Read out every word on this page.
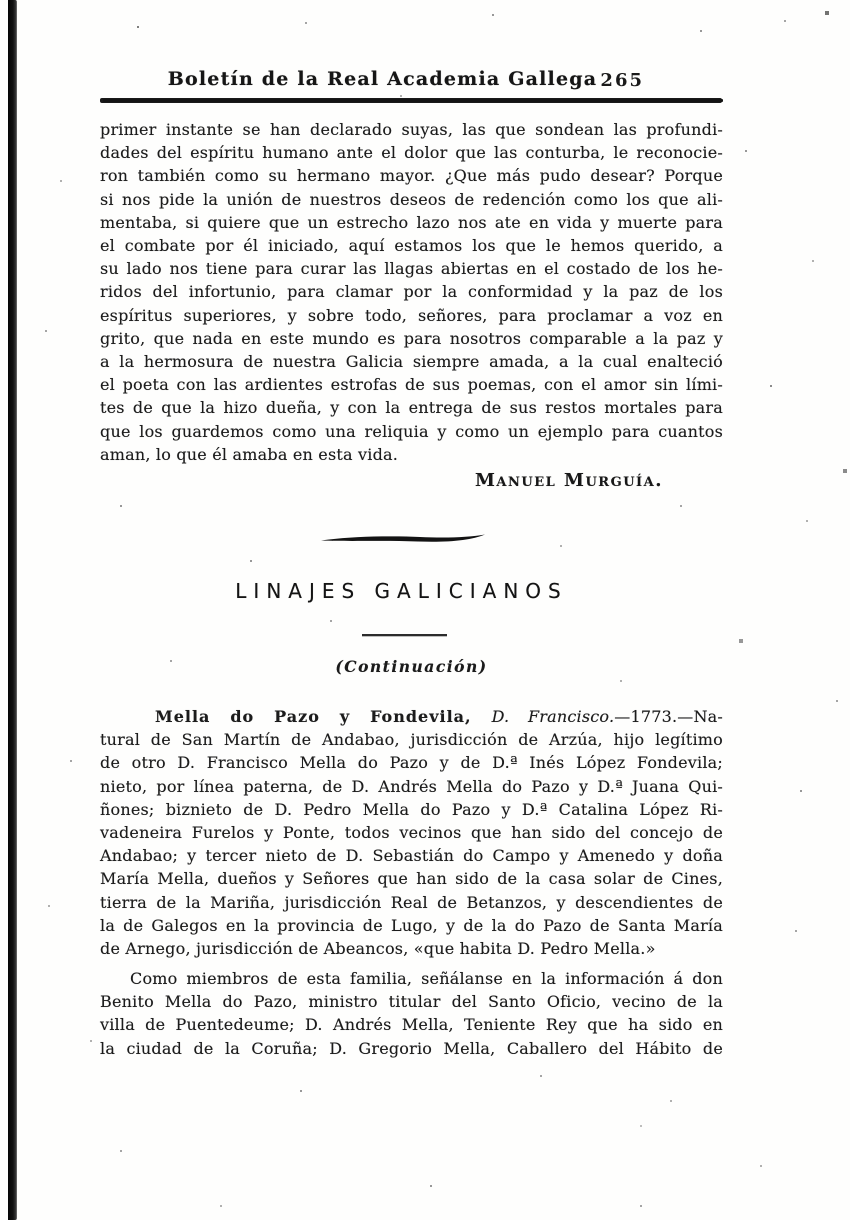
Boletín de la Real Academia Gallega 265
primer instante se han declarado suyas, las que sondean las profundi-
dades del espíritu humano ante el dolor que las conturba, le reconocie-
ron también como su hermano mayor. ¿Que más pudo desear? Porque
si nos pide la unión de nuestros deseos de redención como los que ali-
mentaba, si quiere que un estrecho lazo nos ate en vida y muerte para
el combate por él iniciado, aquí estamos los que le hemos querido, a
su lado nos tiene para curar las llagas abiertas en el costado de los he-
ridos del infortunio, para clamar por la conformidad y la paz de los
espíritus superiores, y sobre todo, señores, para proclamar a voz en
grito, que nada en este mundo es para nosotros comparable a la paz y
a la hermosura de nuestra Galicia siempre amada, a la cual enalteció
el poeta con las ardientes estrofas de sus poemas, con el amor sin lími-
tes de que la hizo dueña, y con la entrega de sus restos mortales para
que los guardemos como una reliquia y como un ejemplo para cuantos
aman, lo que él amaba en esta vida.
Manuel Murguía.
LINAJES GALICIANOS
(Continuación)
Mella do Pazo y Fondevila, D. Francisco.—1773.—Na-
tural de San Martín de Andabao, jurisdicción de Arzúa, hijo legítimo
de otro D. Francisco Mella do Pazo y de D.ª Inés López Fondevila;
nieto, por línea paterna, de D. Andrés Mella do Pazo y D.ª Juana Qui-
ñones; biznieto de D. Pedro Mella do Pazo y D.ª Catalina López Ri-
vadeneira Furelos y Ponte, todos vecinos que han sido del concejo de
Andabao; y tercer nieto de D. Sebastián do Campo y Amenedo y doña
María Mella, dueños y Señores que han sido de la casa solar de Cines,
tierra de la Mariña, jurisdicción Real de Betanzos, y descendientes de
la de Galegos en la provincia de Lugo, y de la do Pazo de Santa María
de Arnego, jurisdicción de Abeancos, «que habita D. Pedro Mella.»
Como miembros de esta familia, señálanse en la información á don
Benito Mella do Pazo, ministro titular del Santo Oficio, vecino de la
villa de Puentedeume; D. Andrés Mella, Teniente Rey que ha sido en
la ciudad de la Coruña; D. Gregorio Mella, Caballero del Hábito de
